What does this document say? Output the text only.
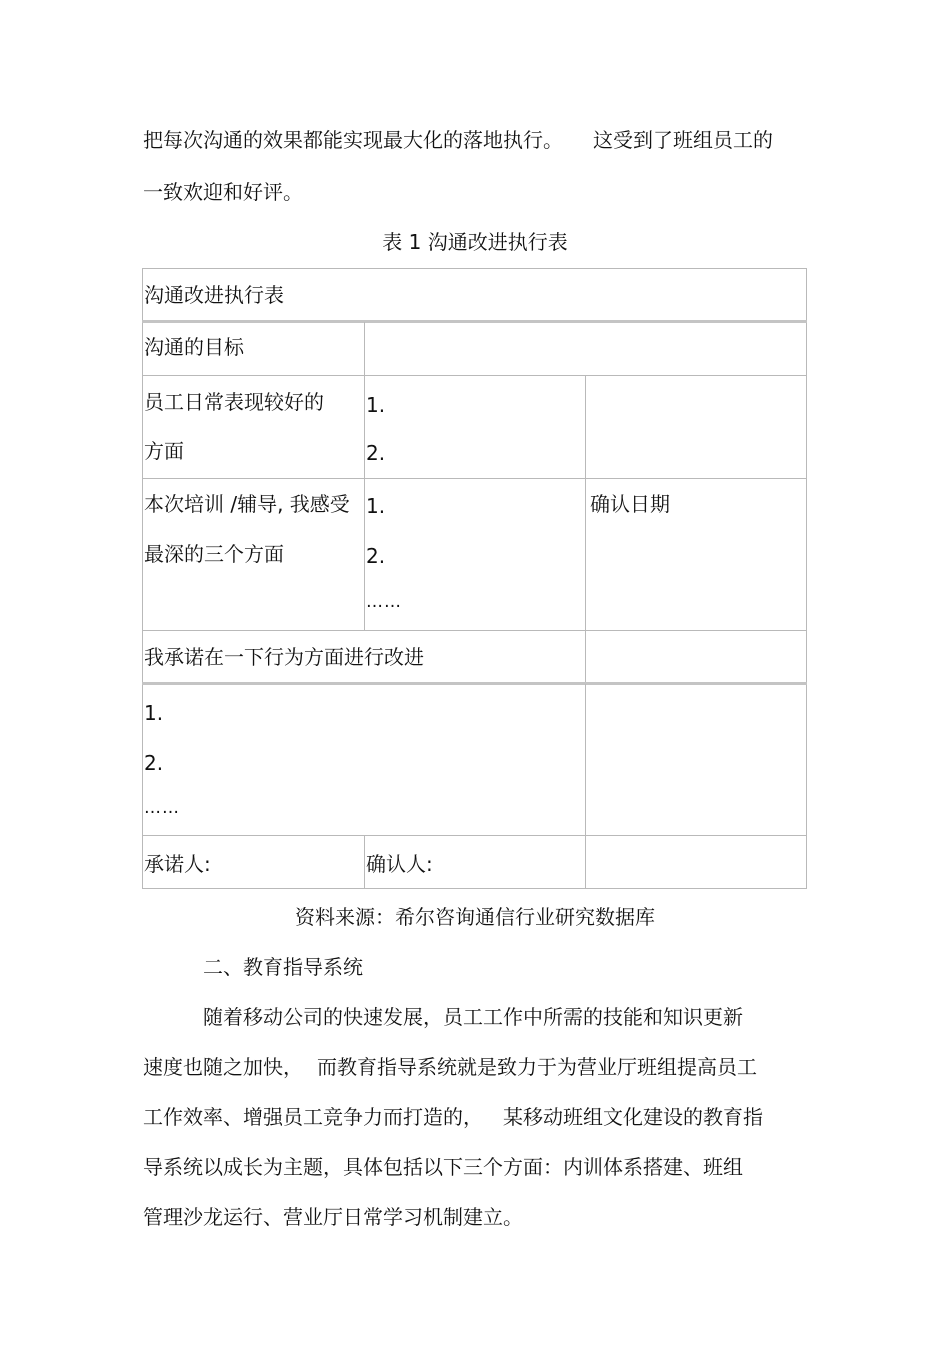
把每次沟通的效果都能实现最大化的落地执行。 这受到了班组员工的
一致欢迎和好评。
表 1 沟通改进执行表
沟通改进执行表
沟通的目标
员工日常表现较好的
方面
1.
2.
本次培训 /辅导, 我感受
最深的三个方面
1.
2.
……
确认日期
我承诺在一下行为方面进行改进
1.
2.
……
承诺人:	确认人:
资料来源：希尔咨询通信行业研究数据库
二、教育指导系统
随着移动公司的快速发展，员工工作中所需的技能和知识更新
速度也随之加快， 而教育指导系统就是致力于为营业厅班组提高员工
工作效率、增强员工竞争力而打造的， 某移动班组文化建设的教育指
导系统以成长为主题，具体包括以下三个方面：内训体系搭建、班组
管理沙龙运行、营业厅日常学习机制建立。
